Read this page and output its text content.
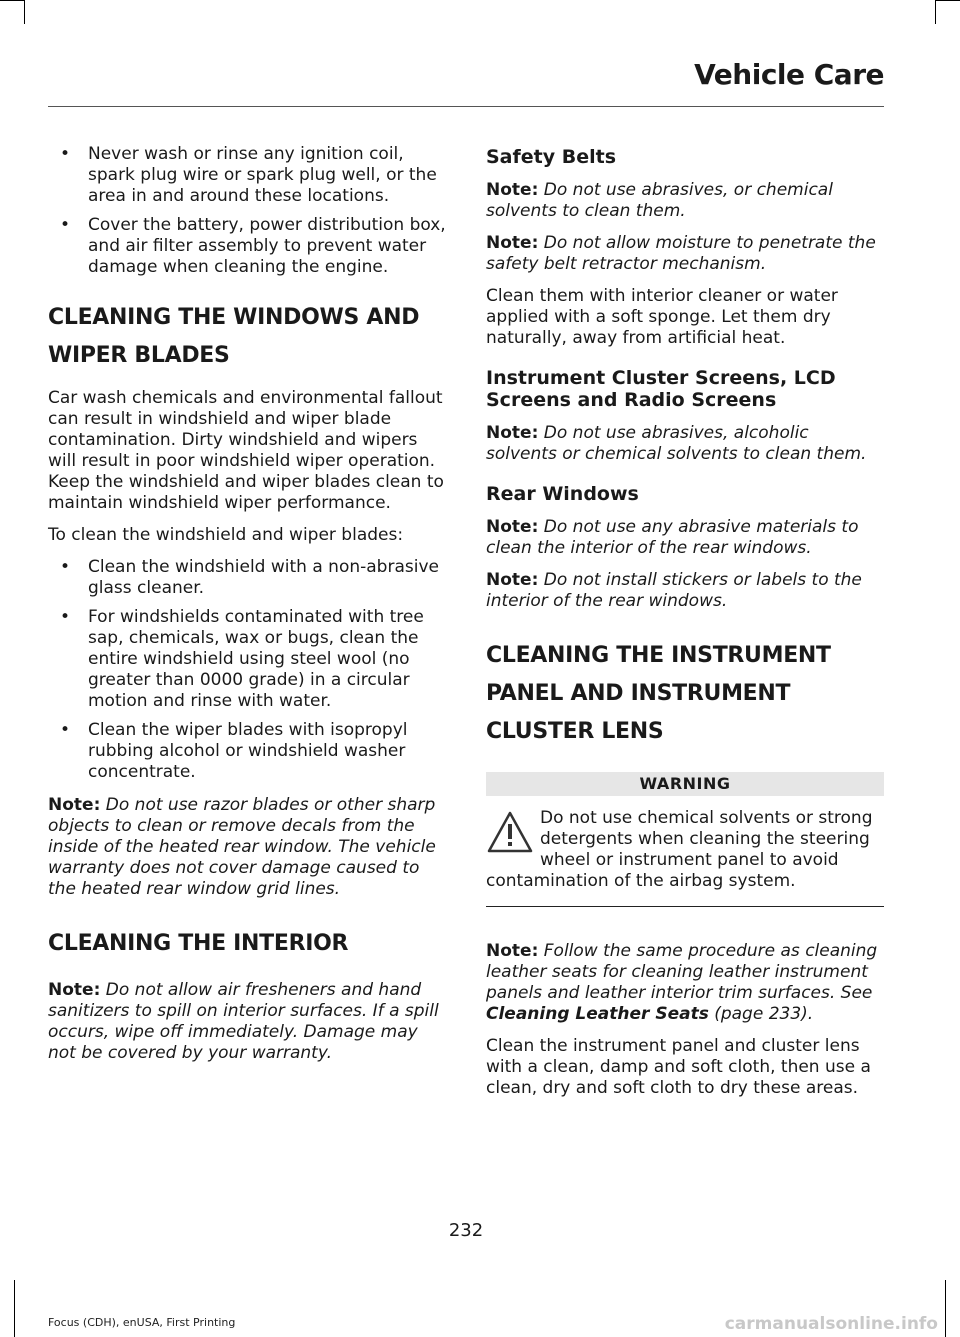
Vehicle Care
• Never wash or rinse any ignition coil, spark plug wire or spark plug well, or the area in and around these locations.
• Cover the battery, power distribution box, and air filter assembly to prevent water damage when cleaning the engine.
CLEANING THE WINDOWS AND
WIPER BLADES

Car wash chemicals and environmental fallout can result in windshield and wiper blade contamination. Dirty windshield and wipers will result in poor windshield wiper operation. Keep the windshield and wiper blades clean to maintain windshield wiper performance.

To clean the windshield and wiper blades:

• Clean the windshield with a non-abrasive glass cleaner.
• For windshields contaminated with tree sap, chemicals, wax or bugs, clean the entire windshield using steel wool (no greater than 0000 grade) in a circular motion and rinse with water.
• Clean the wiper blades with isopropyl rubbing alcohol or windshield washer concentrate.

Note: Do not use razor blades or other sharp objects to clean or remove decals from the inside of the heated rear window. The vehicle warranty does not cover damage caused to the heated rear window grid lines.

CLEANING THE INTERIOR

Note: Do not allow air fresheners and hand sanitizers to spill on interior surfaces. If a spill occurs, wipe off immediately. Damage may not be covered by your warranty.

Safety Belts

Note: Do not use abrasives, or chemical solvents to clean them.

Note: Do not allow moisture to penetrate the safety belt retractor mechanism.

Clean them with interior cleaner or water applied with a soft sponge. Let them dry naturally, away from artificial heat.

Instrument Cluster Screens, LCD Screens and Radio Screens

Note: Do not use abrasives, alcoholic solvents or chemical solvents to clean them.

Rear Windows

Note: Do not use any abrasive materials to clean the interior of the rear windows.

Note: Do not install stickers or labels to the interior of the rear windows.

CLEANING THE INSTRUMENT
PANEL AND INSTRUMENT
CLUSTER LENS
WARNING
Do not use chemical solvents or strong detergents when cleaning the steering wheel or instrument panel to avoid contamination of the airbag system.

Note: Follow the same procedure as cleaning leather seats for cleaning leather instrument panels and leather interior trim surfaces. See Cleaning Leather Seats (page 233).

Clean the instrument panel and cluster lens with a clean, damp and soft cloth, then use a clean, dry and soft cloth to dry these areas.

232
Focus (CDH), enUSA, First Printing	carmanualsonline.info
